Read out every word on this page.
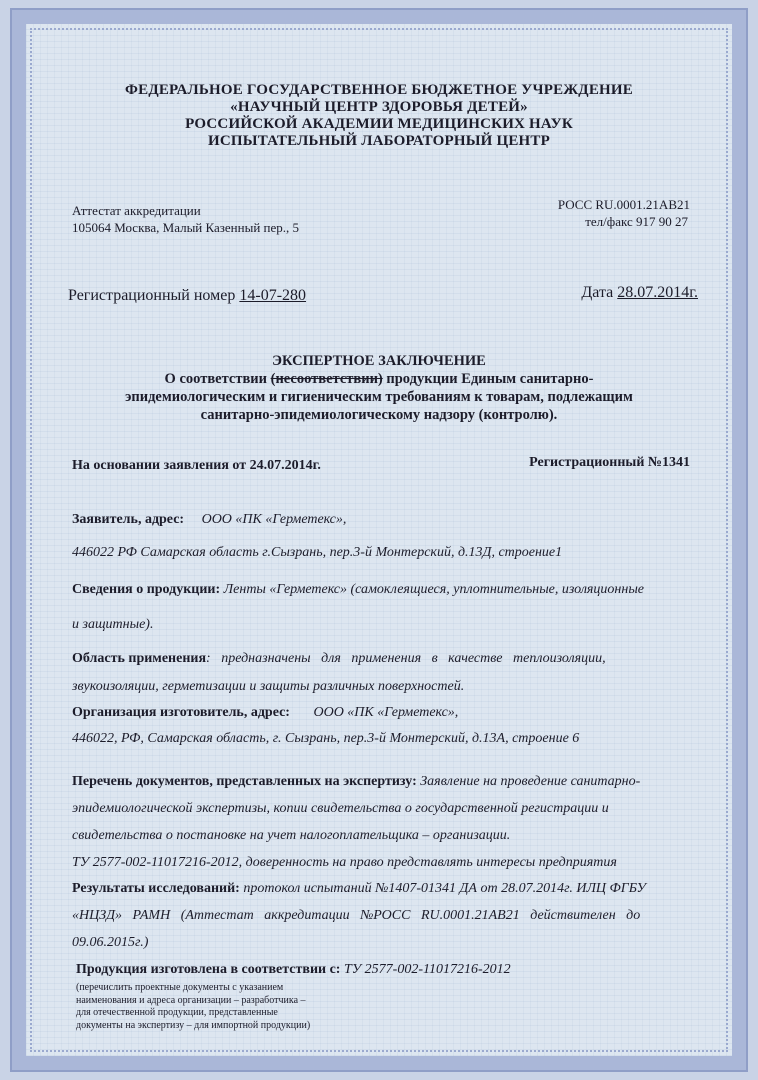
ФЕДЕРАЛЬНОЕ ГОСУДАРСТВЕННОЕ БЮДЖЕТНОЕ УЧРЕЖДЕНИЕ
«НАУЧНЫЙ ЦЕНТР ЗДОРОВЬЯ ДЕТЕЙ»
РОССИЙСКОЙ АКАДЕМИИ МЕДИЦИНСКИХ НАУК
ИСПЫТАТЕЛЬНЫЙ ЛАБОРАТОРНЫЙ ЦЕНТР
Аттестат аккредитации
105064 Москва, Малый Казенный пер., 5
РОСС RU.0001.21АВ21
тел/факс 917 90 27
Регистрационный номер 14-07-280	Дата 28.07.2014г.
ЭКСПЕРТНОЕ ЗАКЛЮЧЕНИЕ
О соответствии (несоответствии) продукции Единым санитарно-
эпидемиологическим и гигиеническим требованиям к товарам, подлежащим
санитарно-эпидемиологическому надзору (контролю).
На основании заявления от 24.07.2014г.	Регистрационный №1341
Заявитель, адрес: ООО «ПК «Герметекс»,
446022 РФ Самарская область г.Сызрань, пер.3-й Монтерский, д.13Д, строение1
Сведения о продукции: Ленты «Герметекс» (самоклеящиеся, уплотнительные, изоляционные
и защитные).
Область применения:   предназначены   для   применения   в   качестве   теплоизоляции,
звукоизоляции, герметизации и защиты различных поверхностей.
Организация изготовитель, адрес: ООО «ПК «Герметекс»,
446022, РФ, Самарская область, г. Сызрань, пер.3-й Монтерский, д.13А, строение 6
Перечень документов, представленных на экспертизу: Заявление на проведение санитарно-
эпидемиологической экспертизы, копии свидетельства о государственной регистрации и
свидетельства о постановке на учет налогоплательщика – организации.
ТУ 2577-002-11017216-2012, доверенность на право представлять интересы предприятия
Результаты исследований: протокол испытаний №1407-01341 ДА от 28.07.2014г. ИЛЦ ФГБУ
«НЦЗД»   РАМН   (Аттестат   аккредитации   №РОСС   RU.0001.21АВ21   действителен   до
09.06.2015г.)
Продукция изготовлена в соответствии с: ТУ 2577-002-11017216-2012
(перечислить проектные документы с указанием
наименования и адреса организации – разработчика –
для отечественной продукции, представленные
документы на экспертизу – для импортной продукции)
